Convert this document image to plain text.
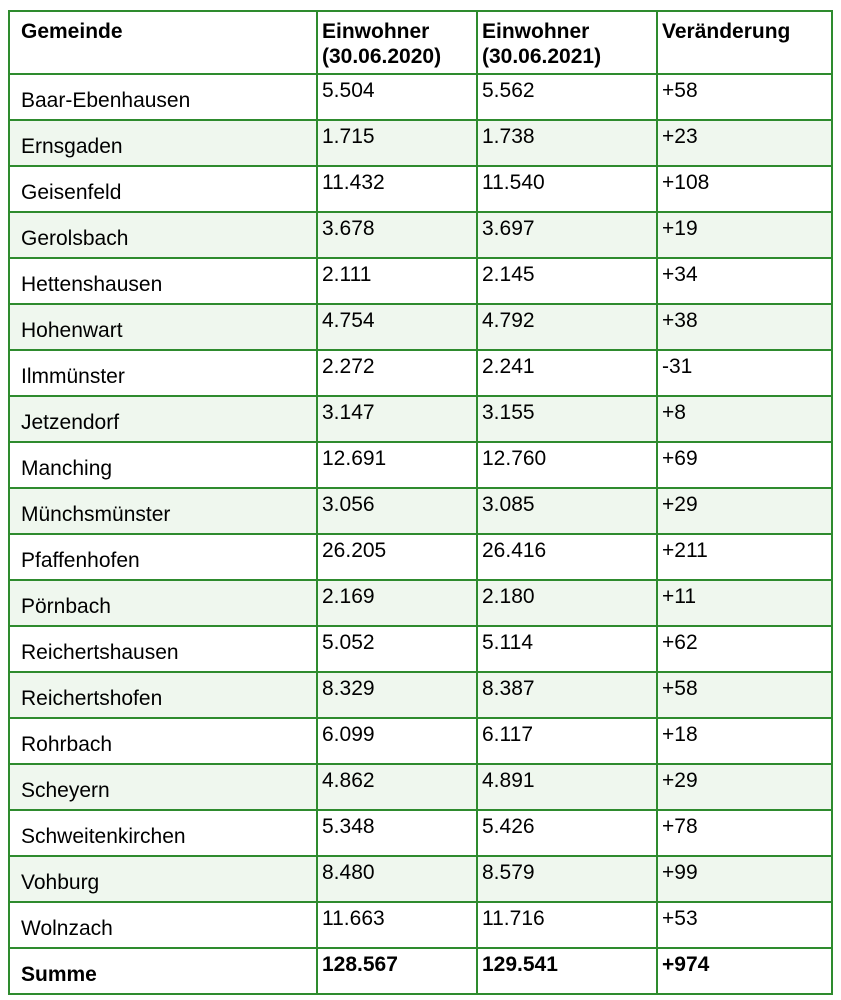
Gemeinde	Einwohner (30.06.2020)	Einwohner (30.06.2021)	Veränderung
Baar-Ebenhausen	5.504	5.562	+58
Ernsgaden	1.715	1.738	+23
Geisenfeld	11.432	11.540	+108
Gerolsbach	3.678	3.697	+19
Hettenshausen	2.111	2.145	+34
Hohenwart	4.754	4.792	+38
Ilmmünster	2.272	2.241	-31
Jetzendorf	3.147	3.155	+8
Manching	12.691	12.760	+69
Münchsmünster	3.056	3.085	+29
Pfaffenhofen	26.205	26.416	+211
Pörnbach	2.169	2.180	+11
Reichertshausen	5.052	5.114	+62
Reichertshofen	8.329	8.387	+58
Rohrbach	6.099	6.117	+18
Scheyern	4.862	4.891	+29
Schweitenkirchen	5.348	5.426	+78
Vohburg	8.480	8.579	+99
Wolnzach	11.663	11.716	+53
Summe	128.567	129.541	+974
